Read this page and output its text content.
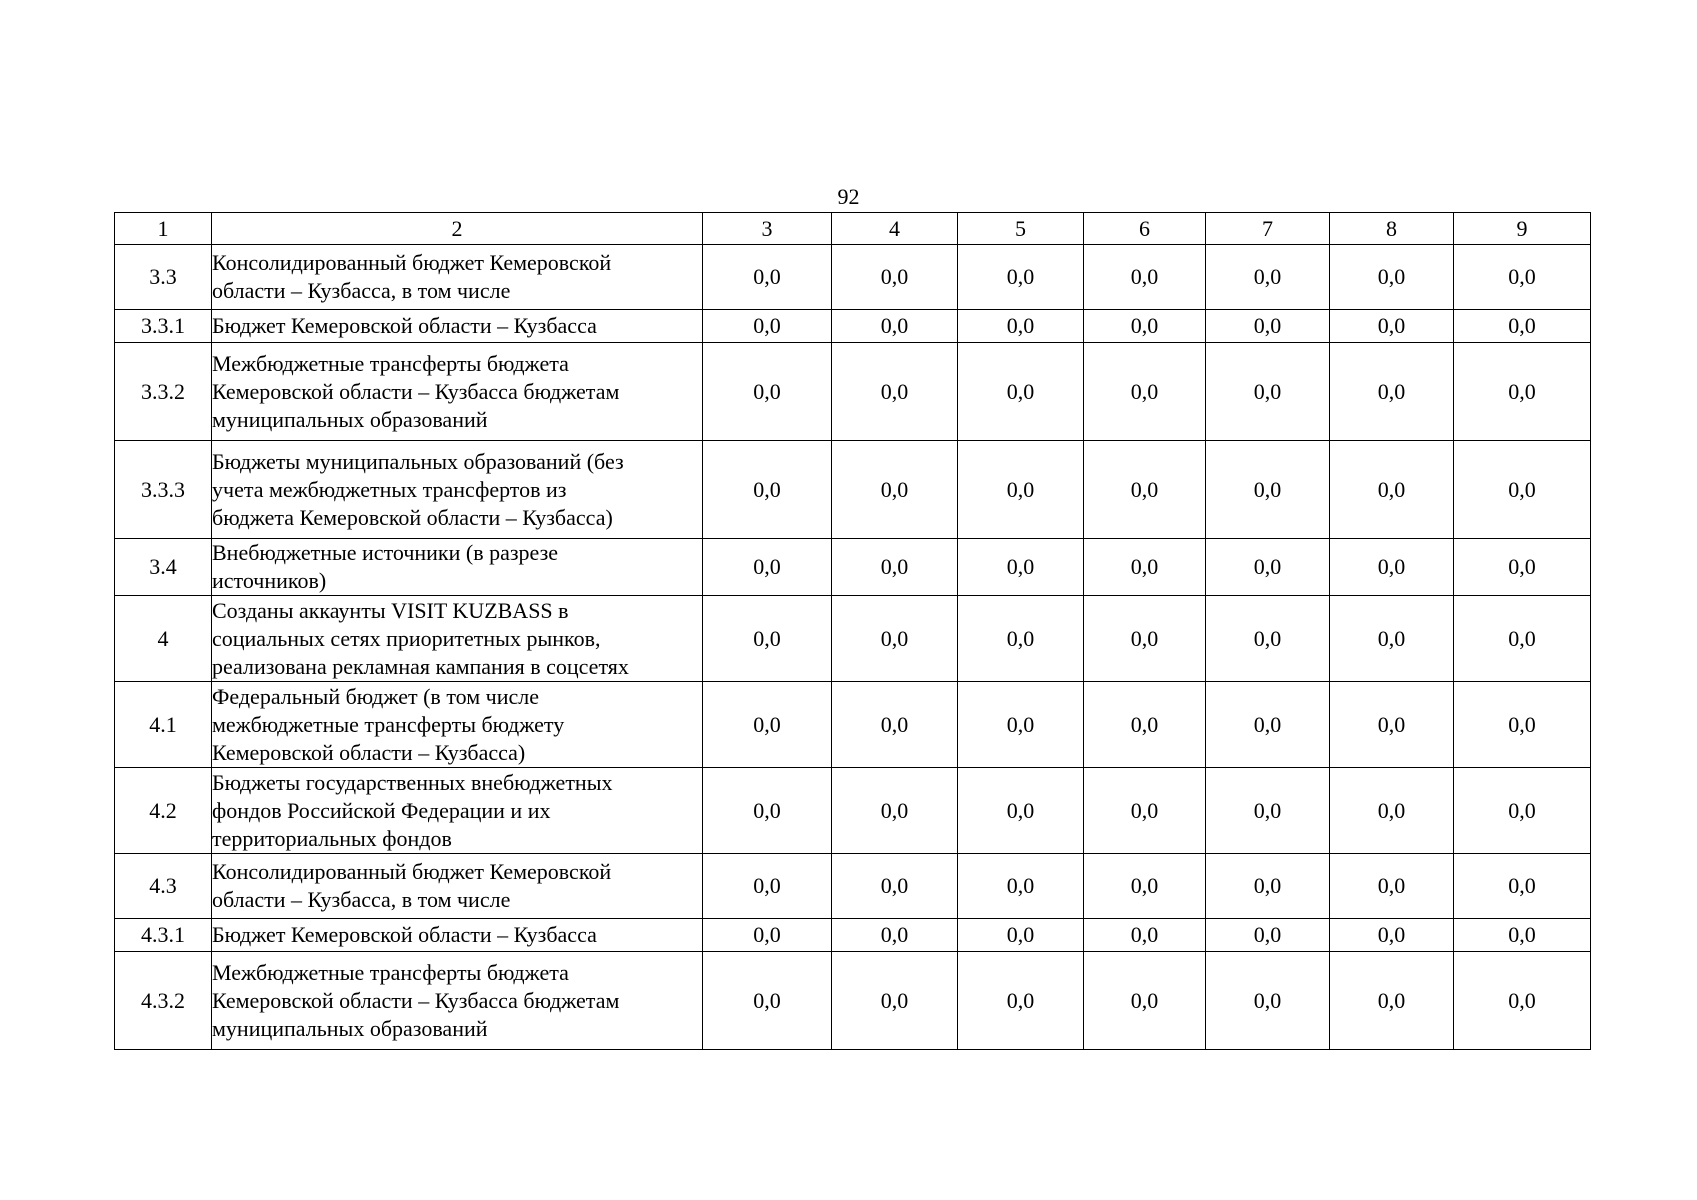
92
1	2	3	4	5	6	7	8	9
3.3	Консолидированный бюджет Кемеровской
области – Кузбасса, в том числе	0,0	0,0	0,0	0,0	0,0	0,0	0,0
3.3.1	Бюджет Кемеровской области – Кузбасса	0,0	0,0	0,0	0,0	0,0	0,0	0,0
3.3.2	Межбюджетные трансферты бюджета
Кемеровской области – Кузбасса бюджетам
муниципальных образований	0,0	0,0	0,0	0,0	0,0	0,0	0,0
3.3.3	Бюджеты муниципальных образований (без
учета межбюджетных трансфертов из
бюджета Кемеровской области – Кузбасса)	0,0	0,0	0,0	0,0	0,0	0,0	0,0
3.4	Внебюджетные источники (в разрезе
источников)	0,0	0,0	0,0	0,0	0,0	0,0	0,0
4	Созданы аккаунты VISIT KUZBASS в
социальных сетях приоритетных рынков,
реализована рекламная кампания в соцсетях	0,0	0,0	0,0	0,0	0,0	0,0	0,0
4.1	Федеральный бюджет (в том числе
межбюджетные трансферты бюджету
Кемеровской области – Кузбасса)	0,0	0,0	0,0	0,0	0,0	0,0	0,0
4.2	Бюджеты государственных внебюджетных
фондов Российской Федерации и их
территориальных фондов	0,0	0,0	0,0	0,0	0,0	0,0	0,0
4.3	Консолидированный бюджет Кемеровской
области – Кузбасса, в том числе	0,0	0,0	0,0	0,0	0,0	0,0	0,0
4.3.1	Бюджет Кемеровской области – Кузбасса	0,0	0,0	0,0	0,0	0,0	0,0	0,0
4.3.2	Межбюджетные трансферты бюджета
Кемеровской области – Кузбасса бюджетам
муниципальных образований	0,0	0,0	0,0	0,0	0,0	0,0	0,0
